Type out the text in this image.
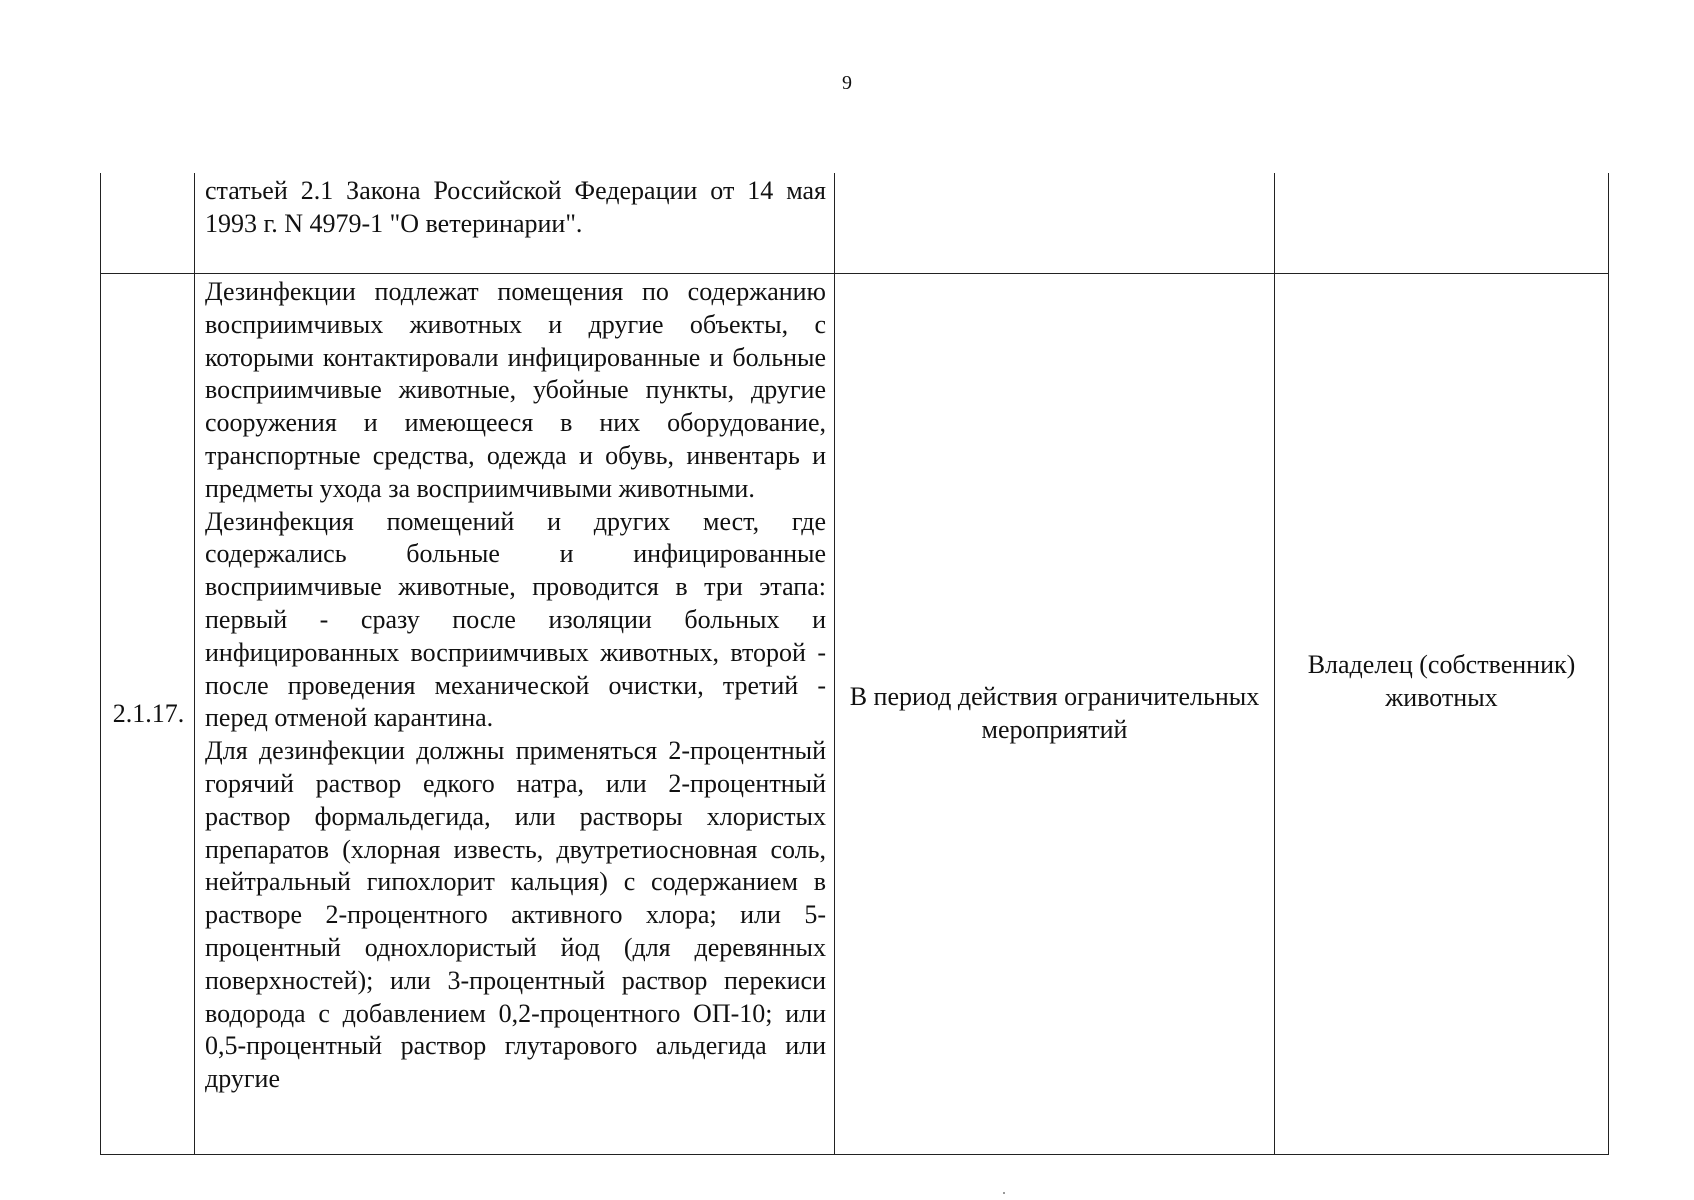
9

	статьей 2.1 Закона Российской Федерации от 14 мая 1993 г. N 4979-1 "О ветеринарии".		

2.1.17.	Дезинфекции подлежат помещения по содержанию восприимчивых животных и другие объекты, с которыми контактировали инфицированные и больные восприимчивые животные, убойные пункты, другие сооружения и имеющееся в них оборудование, транспортные средства, одежда и обувь, инвентарь и предметы ухода за восприимчивыми животными.

Дезинфекция помещений и других мест, где содержались больные и инфицированные восприимчивые животные, проводится в три этапа: первый - сразу после изоляции больных и инфицированных восприимчивых животных, второй - после проведения механической очистки, третий - перед отменой карантина.

Для дезинфекции должны применяться 2-процентный горячий раствор едкого натра, или 2-процентный раствор формальдегида, или растворы хлористых препаратов (хлорная известь, двутретиосновная соль, нейтральный гипохлорит кальция) с содержанием в растворе 2-процентного активного хлора; или 5-процентный однохлористый йод (для деревянных поверхностей); или 3-процентный раствор перекиси водорода с добавлением 0,2-процентного ОП-10; или 0,5-процентный раствор глутарового альдегида или другие	В период действия ограничительных мероприятий	Владелец (собственник) животных
